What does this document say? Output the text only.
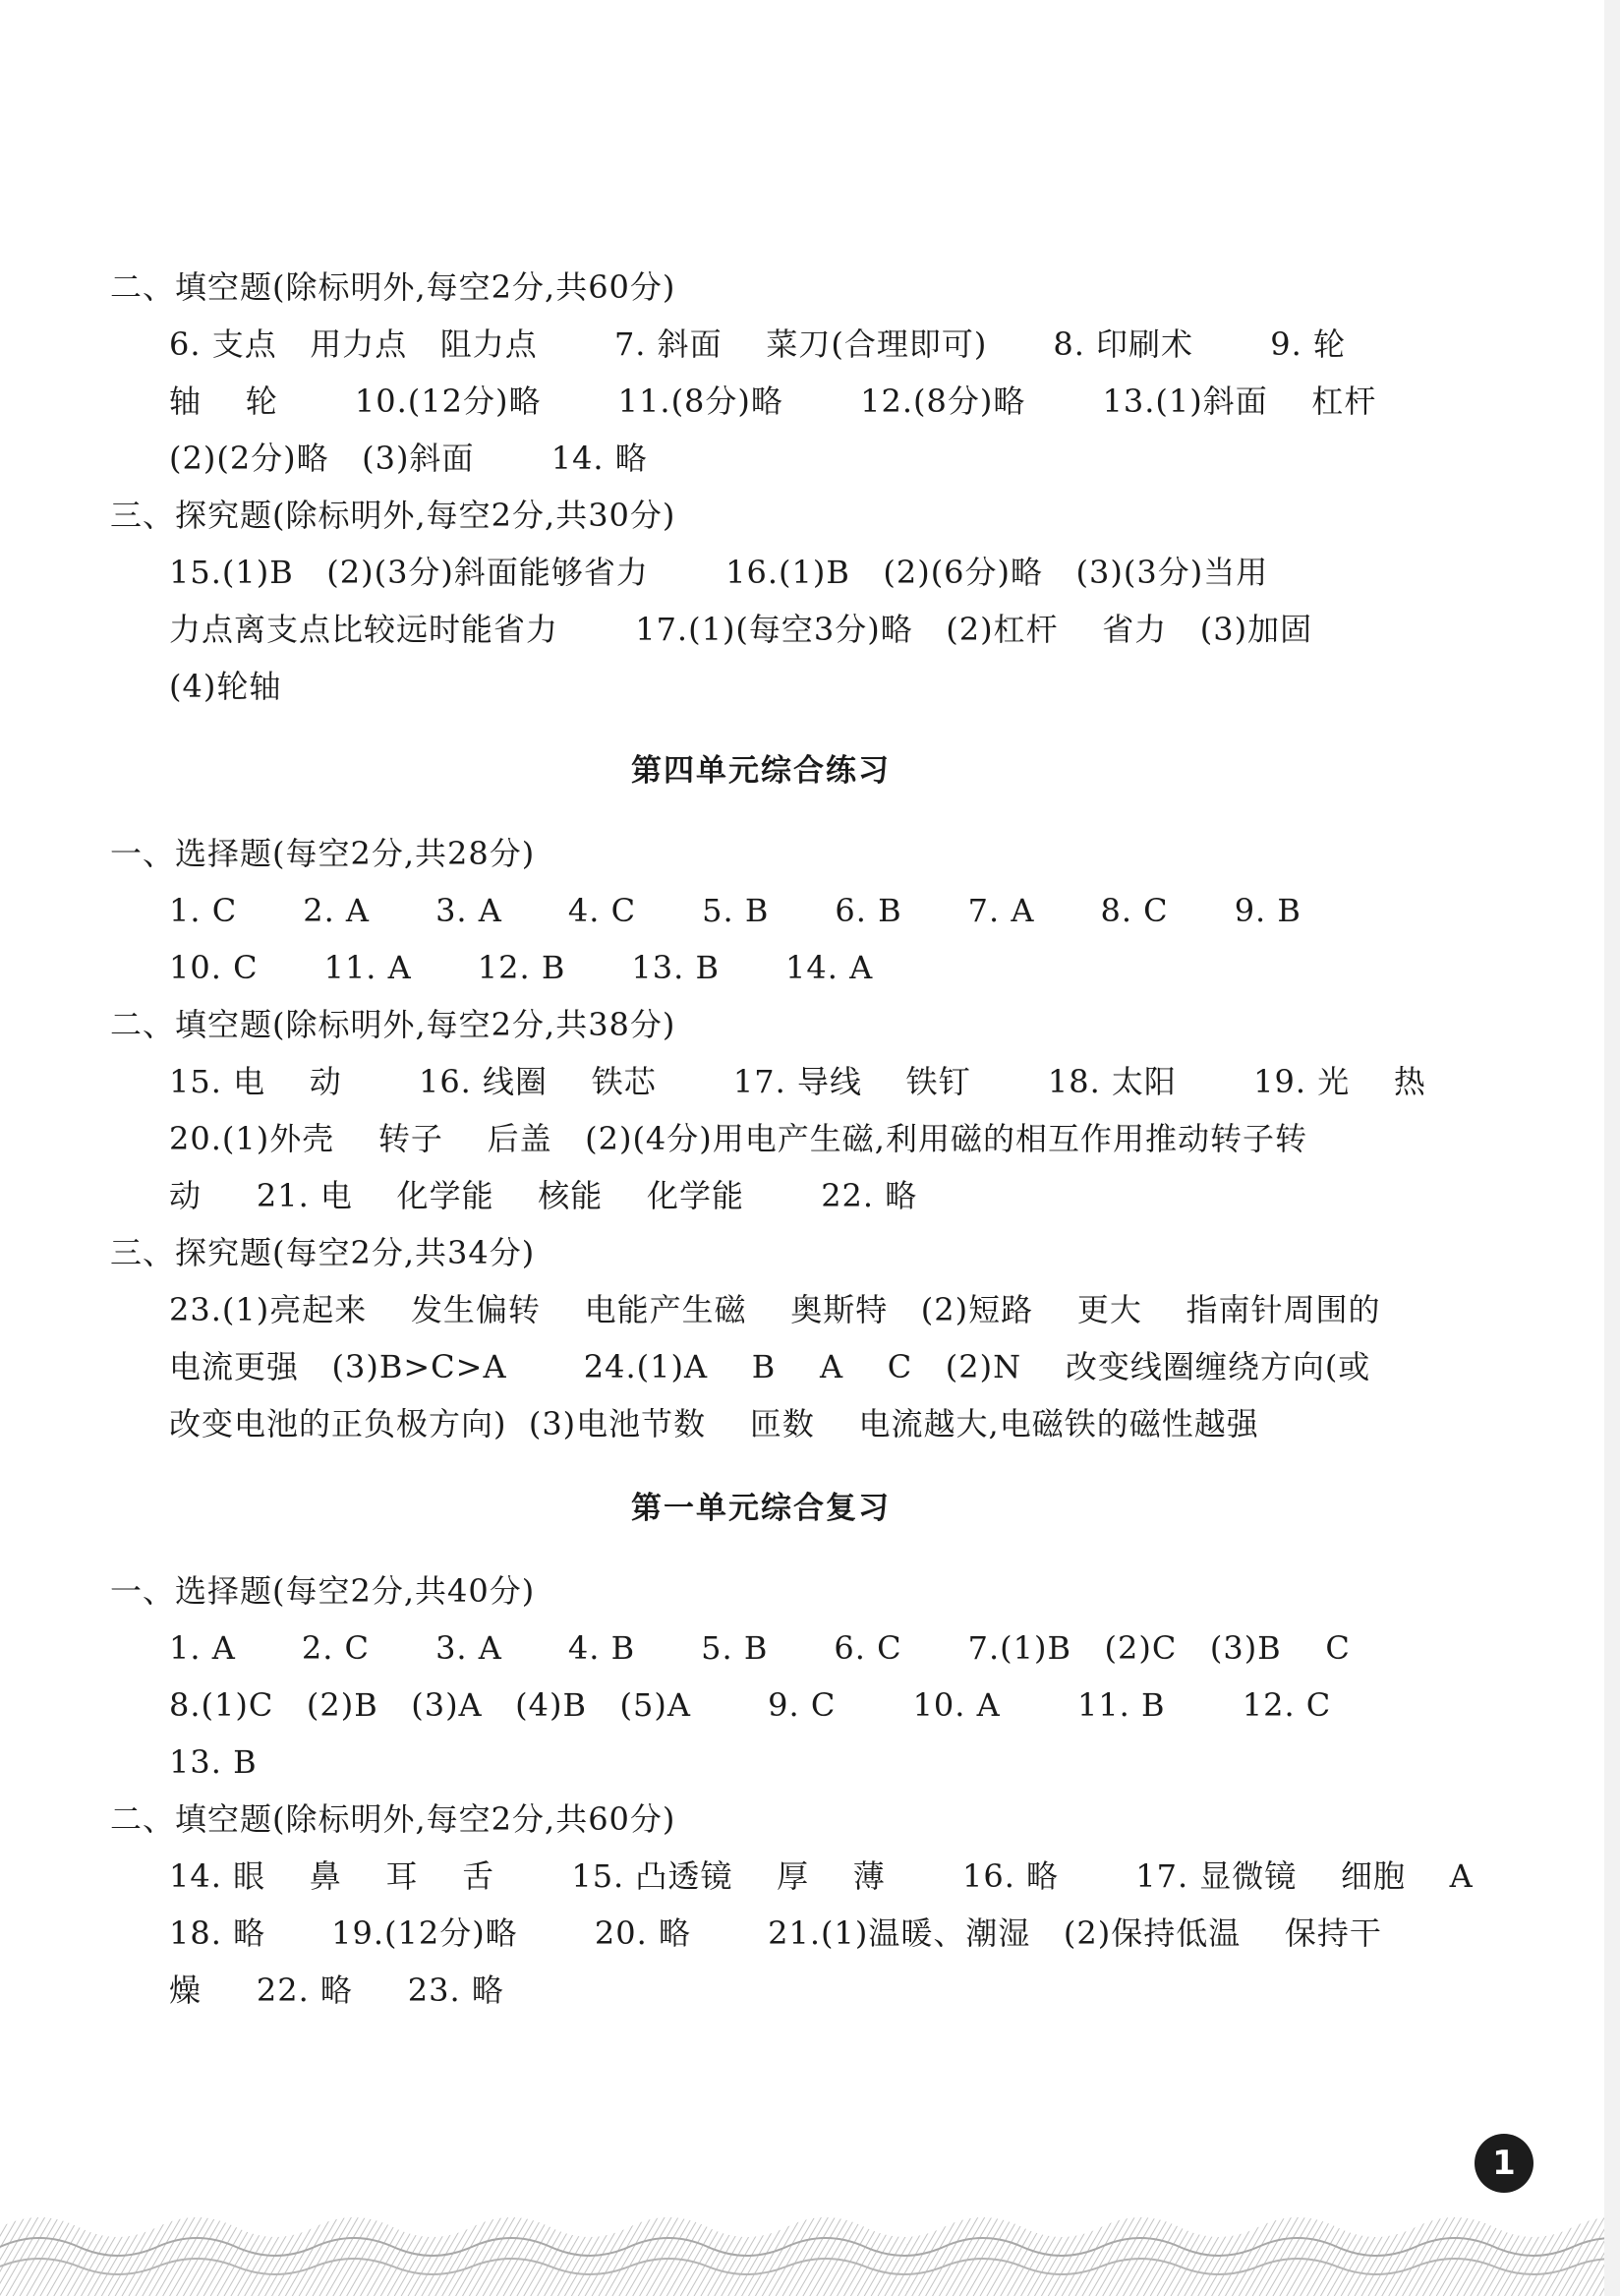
二、填空题(除标明外,每空2分,共60分)
6. 支点   用力点   阻力点       7. 斜面    菜刀(合理即可)      8. 印刷术       9. 轮
轴    轮       10.(12分)略       11.(8分)略       12.(8分)略       13.(1)斜面    杠杆
(2)(2分)略   (3)斜面       14. 略
三、探究题(除标明外,每空2分,共30分)
15.(1)B   (2)(3分)斜面能够省力       16.(1)B   (2)(6分)略   (3)(3分)当用
力点离支点比较远时能省力       17.(1)(每空3分)略   (2)杠杆    省力   (3)加固
(4)轮轴
第四单元综合练习
一、选择题(每空2分,共28分)
1. C      2. A      3. A      4. C      5. B      6. B      7. A      8. C      9. B
10. C      11. A      12. B      13. B      14. A
二、填空题(除标明外,每空2分,共38分)
15. 电    动       16. 线圈    铁芯       17. 导线    铁钉       18. 太阳       19. 光    热
20.(1)外壳    转子    后盖   (2)(4分)用电产生磁,利用磁的相互作用推动转子转
动     21. 电    化学能    核能    化学能       22. 略
三、探究题(每空2分,共34分)
23.(1)亮起来    发生偏转    电能产生磁    奥斯特   (2)短路    更大    指南针周围的
电流更强   (3)B>C>A       24.(1)A    B    A    C   (2)N    改变线圈缠绕方向(或
改变电池的正负极方向)  (3)电池节数    匝数    电流越大,电磁铁的磁性越强
第一单元综合复习
一、选择题(每空2分,共40分)
1. A      2. C      3. A      4. B      5. B      6. C      7.(1)B   (2)C   (3)B    C
8.(1)C   (2)B   (3)A   (4)B   (5)A       9. C       10. A       11. B       12. C
13. B
二、填空题(除标明外,每空2分,共60分)
14. 眼    鼻    耳    舌       15. 凸透镜    厚    薄       16. 略       17. 显微镜    细胞    A
18. 略      19.(12分)略       20. 略       21.(1)温暖、潮湿   (2)保持低温    保持干
燥     22. 略     23. 略
1
